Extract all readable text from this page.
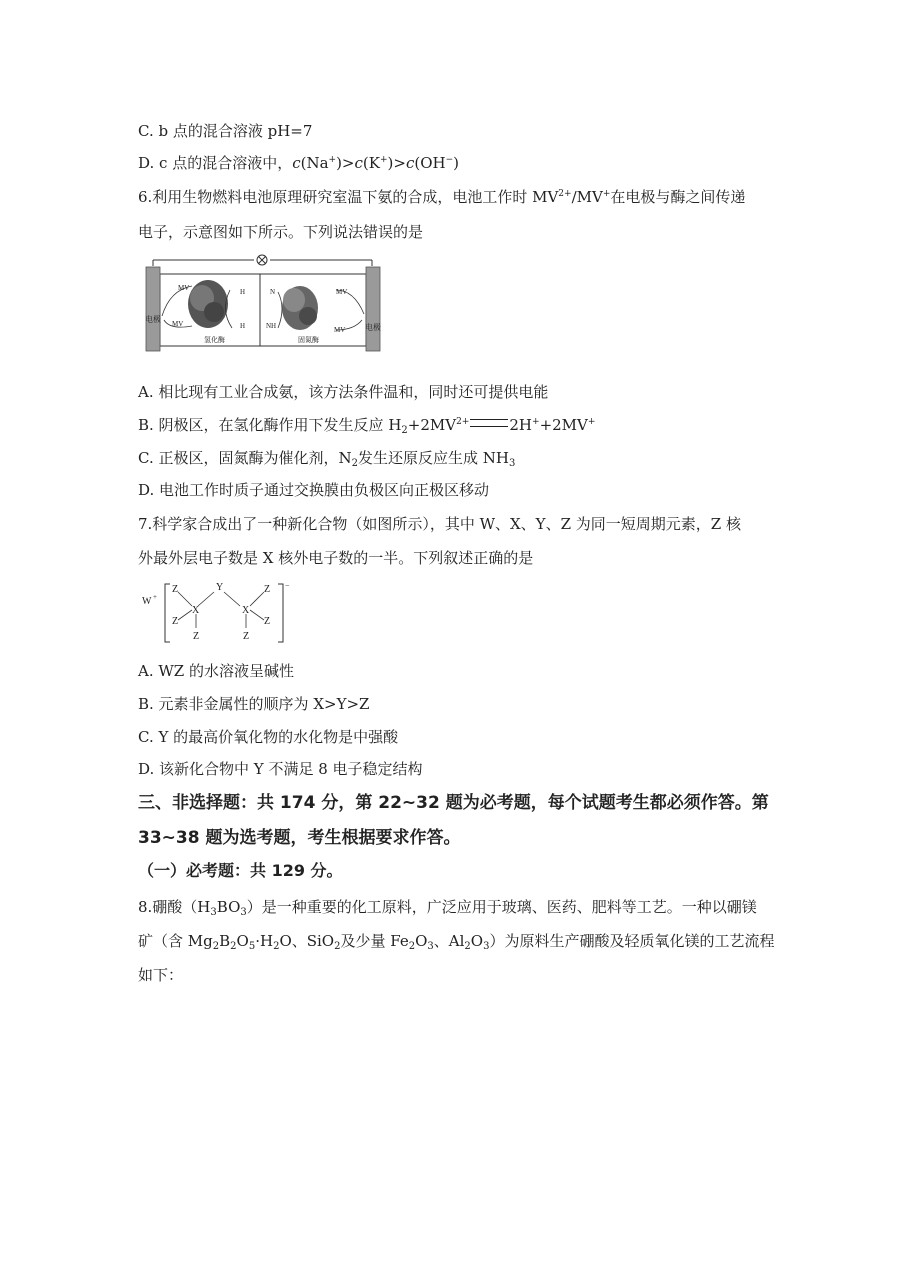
C. b 点的混合溶液 pH=7
D. c 点的混合溶液中，c(Na+)>c(K+)>c(OH−)
6.利用生物燃料电池原理研究室温下氨的合成，电池工作时 $MV^{2+}/MV^+$在电极与酶之间传递
电子，示意图如下所示。下列说法错误的是
电极
电极
MV
MV
H
H
氢化酶
N
NH
MV
MV
固氮酶
A. 相比现有工业合成氨，该方法条件温和，同时还可提供电能
B. 阴极区，在氢化酶作用下发生反应 $H_2+2MV^{2+}$	2H++2MV+
C. 正极区，固氮酶为催化剂，$N_2$发生还原反应生成 $NH_3$
D. 电池工作时质子通过交换膜由负极区向正极区移动
7.科学家合成出了一种新化合物（如图所示），其中 W、X、Y、Z 为同一短周期元素，Z 核
外最外层电子数是 X 核外电子数的一半。下列叙述正确的是
W +
−
Z
Z
X
Y
X
Z
Z
Z	Z
A. WZ 的水溶液呈碱性
B. 元素非金属性的顺序为 X>Y>Z
C. Y 的最高价氧化物的水化物是中强酸
D. 该新化合物中 Y 不满足 8 电子稳定结构
三、非选择题：共 174 分，第 22~32 题为必考题，每个试题考生都必须作答。第
33~38 题为选考题，考生根据要求作答。
（一）必考题：共 129 分。
8.硼酸$(H_3BO_3)$是一种重要的化工原料，广泛应用于玻璃、医药、肥料等工艺。一种以硼镁
矿（含 $Mg_2B_2O_5\cdot H_2O$、SiO$_2$及少量 $Fe_2O_3$、$Al_2O_3$）为原料生产硼酸及轻质氧化镁的工艺流程
如下：
